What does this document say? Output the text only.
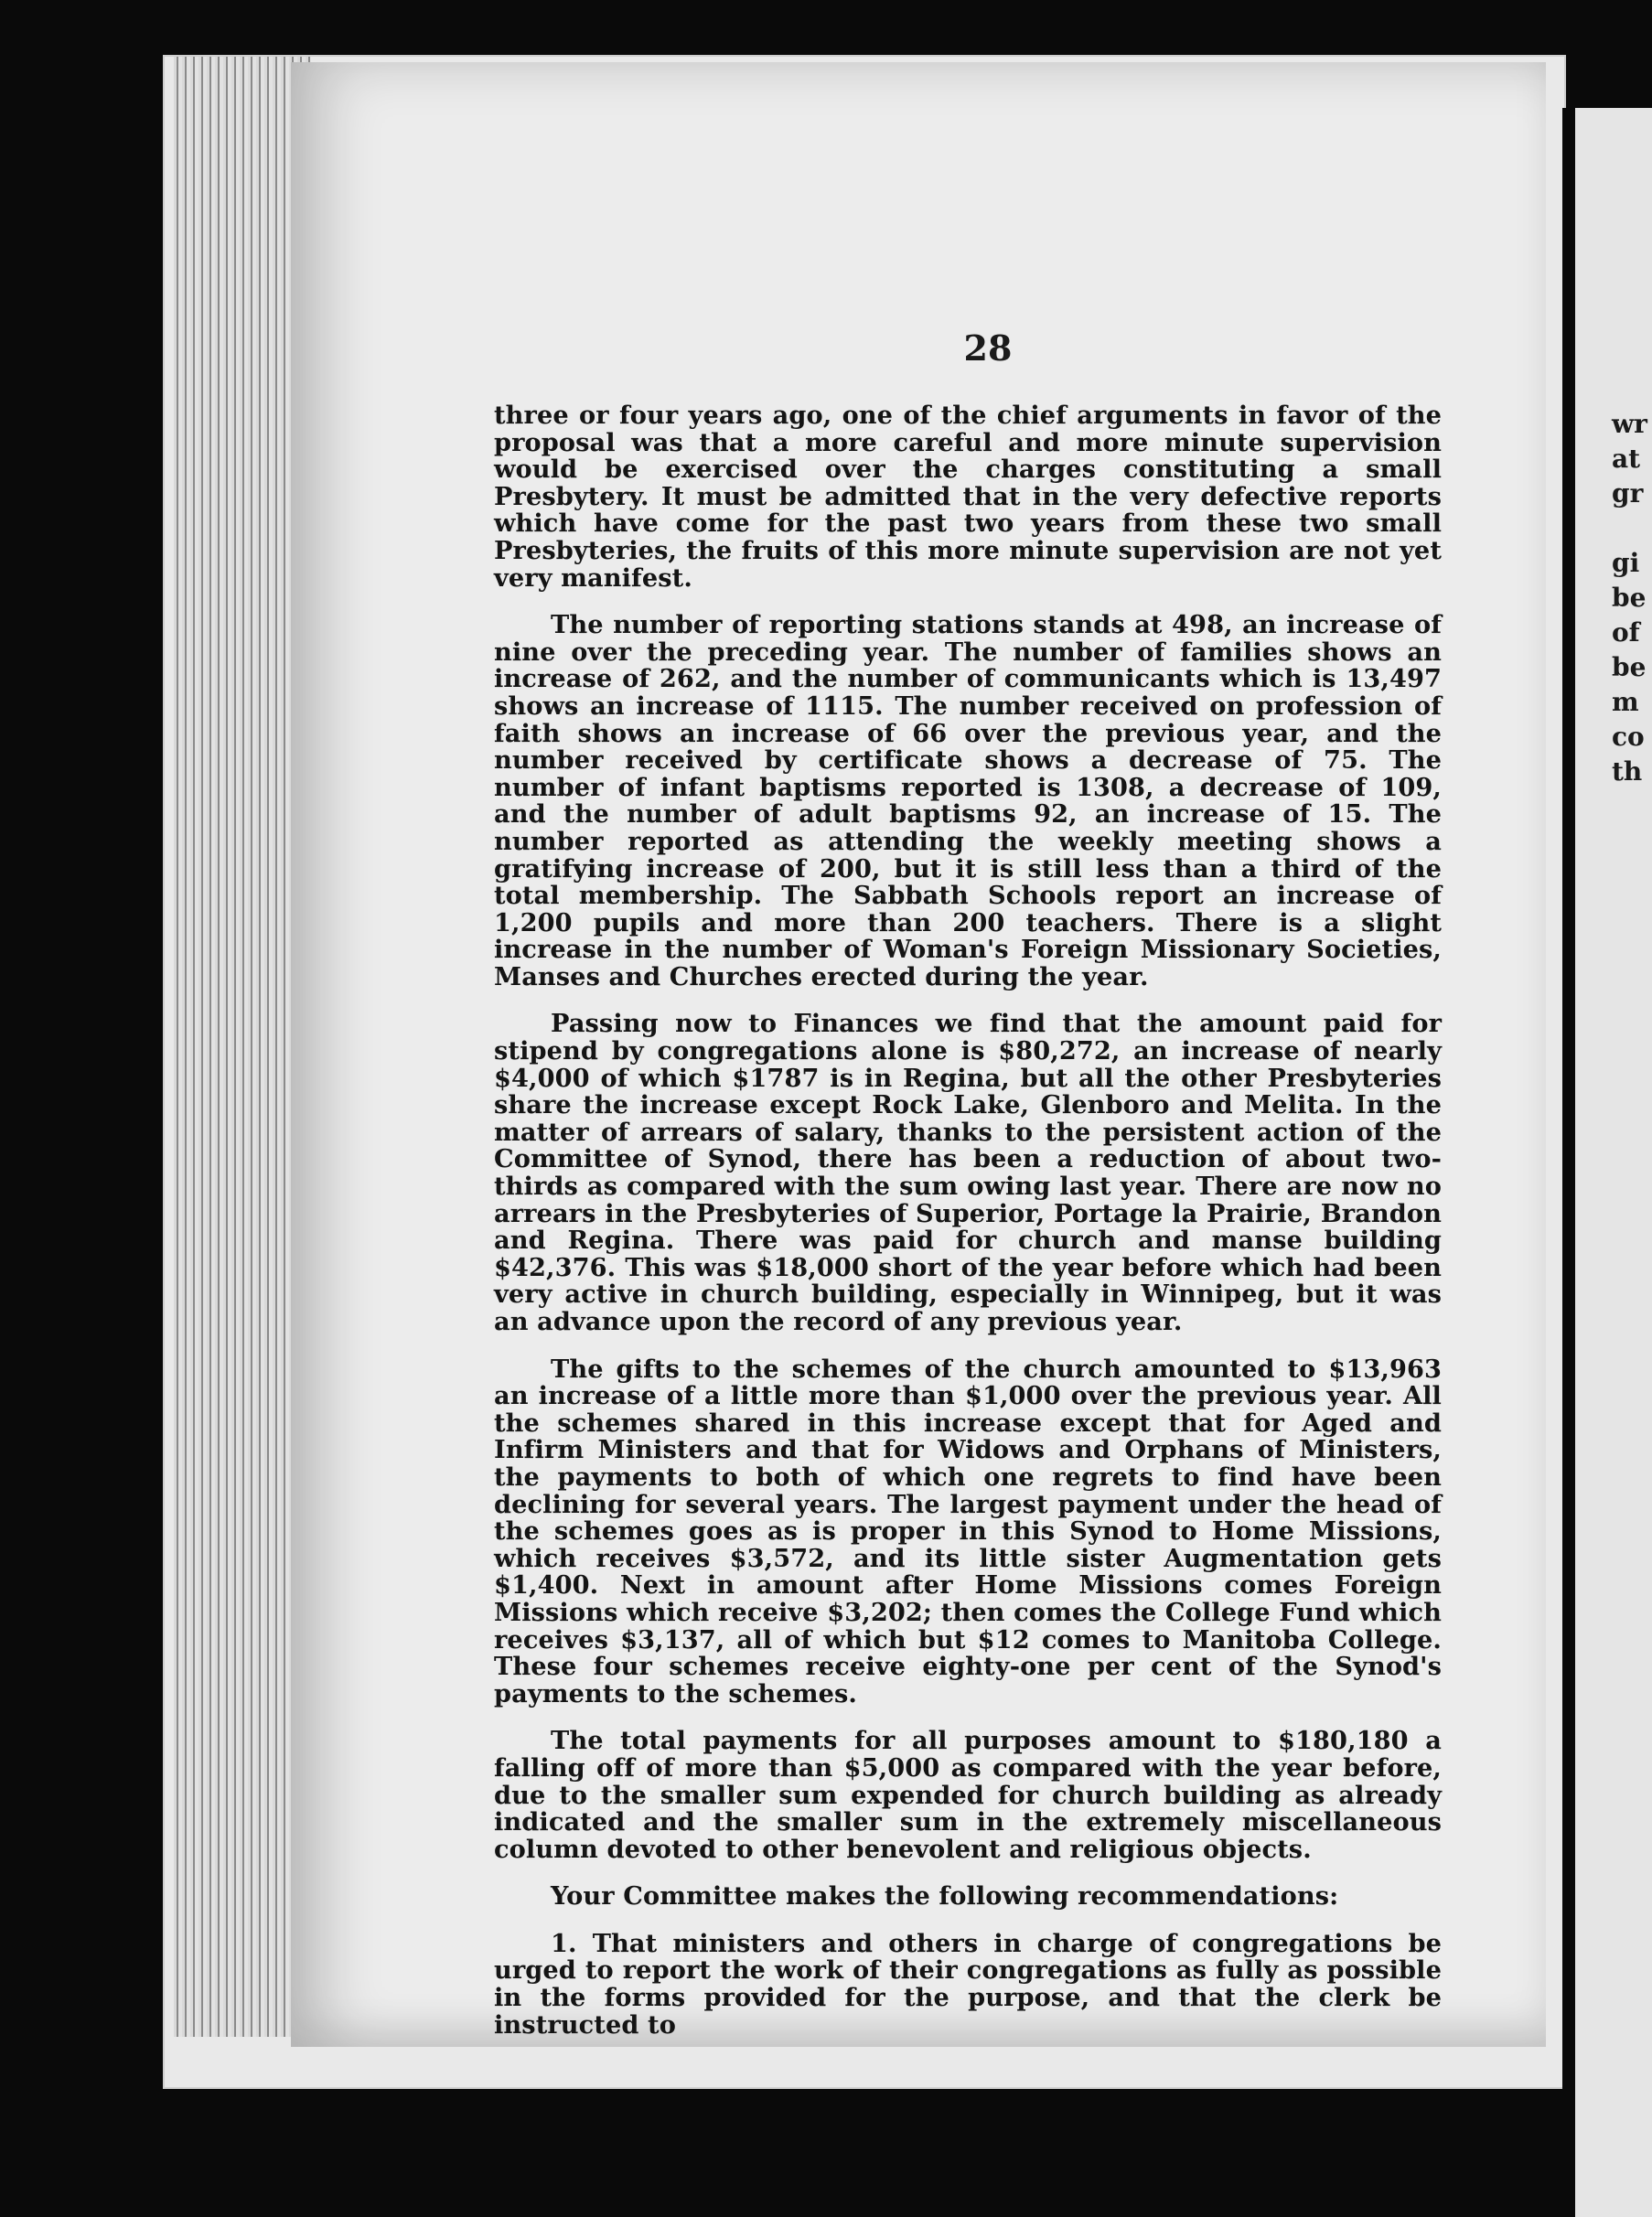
wr
at
gr

gi
be
of
be
m
co
th
28

three or four years ago, one of the chief arguments in favor of the proposal was that a more careful and more minute supervision would be exercised over the charges constituting a small Presbytery. It must be admitted that in the very defective reports which have come for the past two years from these two small Presbyteries, the fruits of this more minute supervision are not yet very manifest.

The number of reporting stations stands at 498, an increase of nine over the preceding year. The number of families shows an increase of 262, and the number of communicants which is 13,497 shows an increase of 1115. The number received on profession of faith shows an increase of 66 over the previous year, and the number received by certificate shows a decrease of 75. The number of infant baptisms reported is 1308, a decrease of 109, and the number of adult baptisms 92, an increase of 15. The number reported as attending the weekly meeting shows a gratifying increase of 200, but it is still less than a third of the total membership. The Sabbath Schools report an increase of 1,200 pupils and more than 200 teachers. There is a slight increase in the number of Woman's Foreign Missionary Societies, Manses and Churches erected during the year.

Passing now to Finances we find that the amount paid for stipend by congregations alone is $80,272, an increase of nearly $4,000 of which $1787 is in Regina, but all the other Presbyteries share the increase except Rock Lake, Glenboro and Melita. In the matter of arrears of salary, thanks to the persistent action of the Committee of Synod, there has been a reduction of about two-thirds as compared with the sum owing last year. There are now no arrears in the Presbyteries of Superior, Portage la Prairie, Brandon and Regina. There was paid for church and manse building $42,376. This was $18,000 short of the year before which had been very active in church building, especially in Winnipeg, but it was an advance upon the record of any previous year.

The gifts to the schemes of the church amounted to $13,963 an increase of a little more than $1,000 over the previous year. All the schemes shared in this increase except that for Aged and Infirm Ministers and that for Widows and Orphans of Ministers, the payments to both of which one regrets to find have been declining for several years. The largest payment under the head of the schemes goes as is proper in this Synod to Home Missions, which receives $3,572, and its little sister Augmentation gets $1,400. Next in amount after Home Missions comes Foreign Missions which receive $3,202; then comes the College Fund which receives $3,137, all of which but $12 comes to Manitoba College. These four schemes receive eighty-one per cent of the Synod's payments to the schemes.

The total payments for all purposes amount to $180,180 a falling off of more than $5,000 as compared with the year before, due to the smaller sum expended for church building as already indicated and the smaller sum in the extremely miscellaneous column devoted to other benevolent and religious objects.

Your Committee makes the following recommendations:

1. That ministers and others in charge of congregations be urged to report the work of their congregations as fully as possible in the forms provided for the purpose, and that the clerk be instructed to
